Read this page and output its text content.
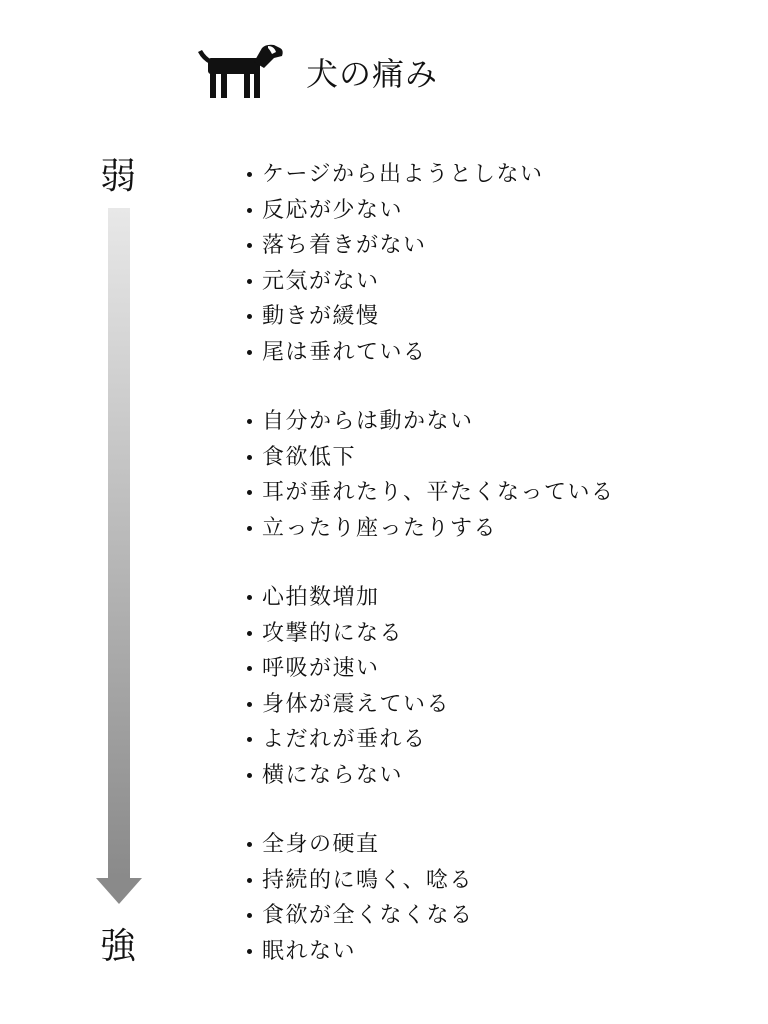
犬の痛み
弱
強
ケージから出ようとしない
反応が少ない
落ち着きがない
元気がない
動きが緩慢
尾は垂れている
自分からは動かない
食欲低下
耳が垂れたり、平たくなっている
立ったり座ったりする
心拍数増加
攻撃的になる
呼吸が速い
身体が震えている
よだれが垂れる
横にならない
全身の硬直
持続的に鳴く、唸る
食欲が全くなくなる
眠れない
